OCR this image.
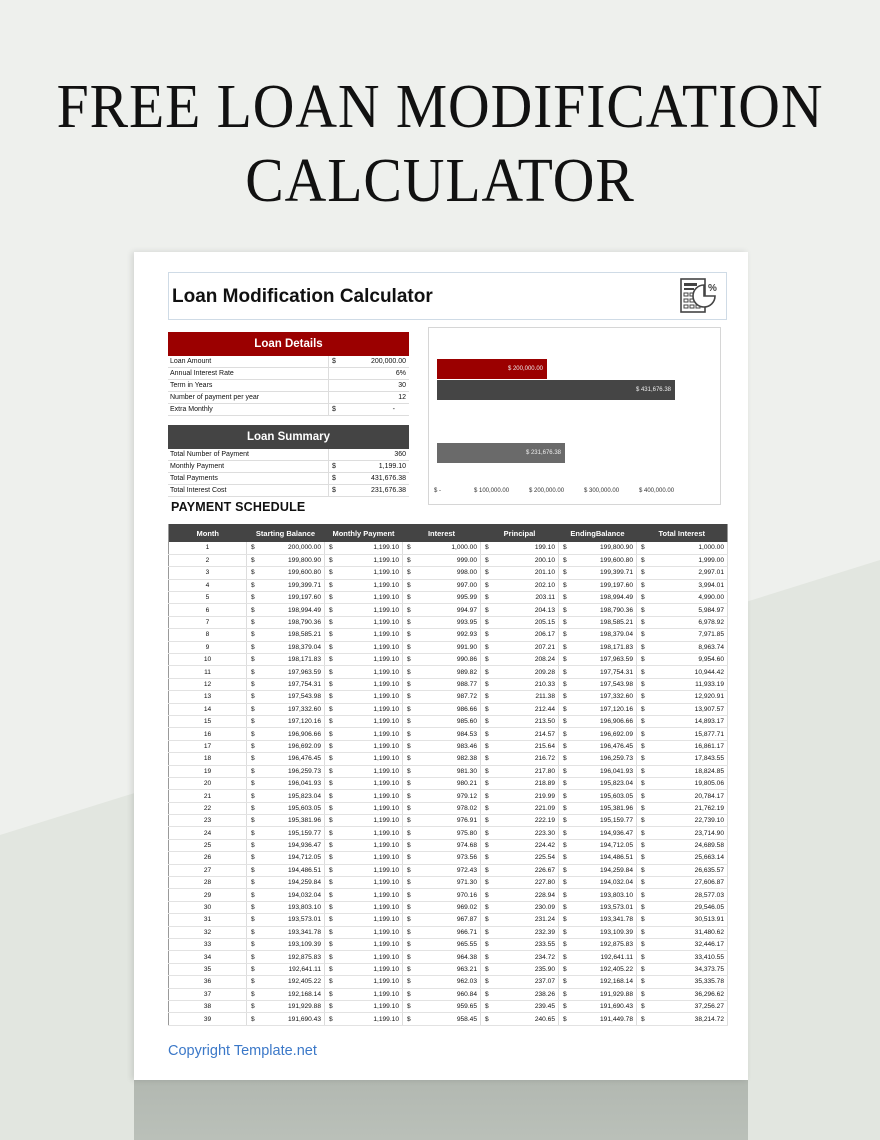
FREE LOAN MODIFICATION
CALCULATOR
Loan Modification Calculator	%
Loan Details
Loan Amount	$	200,000.00
Annual Interest Rate	6%
Term in Years	30
Number of payment per year	12
Extra Monthly	$	-
Loan Summary
Total Number of Payment	360
Monthly Payment	$	1,199.10
Total Payments	$	431,676.38
Total Interest Cost	$	231,676.38
$ 200,000.00
$ 431,676.38
$ 231,676.38
$ -	$ 100,000.00	$ 200,000.00	$ 300,000.00	$ 400,000.00
PAYMENT SCHEDULE
Month	Starting Balance		Monthly Payment		Interest		Principal		EndingBalance		Total Interest	
1	$	200,000.00	$	1,199.10	$	1,000.00	$	199.10	$	199,800.90	$	1,000.00
2	$	199,800.90	$	1,199.10	$	999.00	$	200.10	$	199,600.80	$	1,999.00
3	$	199,600.80	$	1,199.10	$	998.00	$	201.10	$	199,399.71	$	2,997.01
4	$	199,399.71	$	1,199.10	$	997.00	$	202.10	$	199,197.60	$	3,994.01
5	$	199,197.60	$	1,199.10	$	995.99	$	203.11	$	198,994.49	$	4,990.00
6	$	198,994.49	$	1,199.10	$	994.97	$	204.13	$	198,790.36	$	5,984.97
7	$	198,790.36	$	1,199.10	$	993.95	$	205.15	$	198,585.21	$	6,978.92
8	$	198,585.21	$	1,199.10	$	992.93	$	206.17	$	198,379.04	$	7,971.85
9	$	198,379.04	$	1,199.10	$	991.90	$	207.21	$	198,171.83	$	8,963.74
10	$	198,171.83	$	1,199.10	$	990.86	$	208.24	$	197,963.59	$	9,954.60
11	$	197,963.59	$	1,199.10	$	989.82	$	209.28	$	197,754.31	$	10,944.42
12	$	197,754.31	$	1,199.10	$	988.77	$	210.33	$	197,543.98	$	11,933.19
13	$	197,543.98	$	1,199.10	$	987.72	$	211.38	$	197,332.60	$	12,920.91
14	$	197,332.60	$	1,199.10	$	986.66	$	212.44	$	197,120.16	$	13,907.57
15	$	197,120.16	$	1,199.10	$	985.60	$	213.50	$	196,906.66	$	14,893.17
16	$	196,906.66	$	1,199.10	$	984.53	$	214.57	$	196,692.09	$	15,877.71
17	$	196,692.09	$	1,199.10	$	983.46	$	215.64	$	196,476.45	$	16,861.17
18	$	196,476.45	$	1,199.10	$	982.38	$	216.72	$	196,259.73	$	17,843.55
19	$	196,259.73	$	1,199.10	$	981.30	$	217.80	$	196,041.93	$	18,824.85
20	$	196,041.93	$	1,199.10	$	980.21	$	218.89	$	195,823.04	$	19,805.06
21	$	195,823.04	$	1,199.10	$	979.12	$	219.99	$	195,603.05	$	20,784.17
22	$	195,603.05	$	1,199.10	$	978.02	$	221.09	$	195,381.96	$	21,762.19
23	$	195,381.96	$	1,199.10	$	976.91	$	222.19	$	195,159.77	$	22,739.10
24	$	195,159.77	$	1,199.10	$	975.80	$	223.30	$	194,936.47	$	23,714.90
25	$	194,936.47	$	1,199.10	$	974.68	$	224.42	$	194,712.05	$	24,689.58
26	$	194,712.05	$	1,199.10	$	973.56	$	225.54	$	194,486.51	$	25,663.14
27	$	194,486.51	$	1,199.10	$	972.43	$	226.67	$	194,259.84	$	26,635.57
28	$	194,259.84	$	1,199.10	$	971.30	$	227.80	$	194,032.04	$	27,606.87
29	$	194,032.04	$	1,199.10	$	970.16	$	228.94	$	193,803.10	$	28,577.03
30	$	193,803.10	$	1,199.10	$	969.02	$	230.09	$	193,573.01	$	29,546.05
31	$	193,573.01	$	1,199.10	$	967.87	$	231.24	$	193,341.78	$	30,513.91
32	$	193,341.78	$	1,199.10	$	966.71	$	232.39	$	193,109.39	$	31,480.62
33	$	193,109.39	$	1,199.10	$	965.55	$	233.55	$	192,875.83	$	32,446.17
34	$	192,875.83	$	1,199.10	$	964.38	$	234.72	$	192,641.11	$	33,410.55
35	$	192,641.11	$	1,199.10	$	963.21	$	235.90	$	192,405.22	$	34,373.75
36	$	192,405.22	$	1,199.10	$	962.03	$	237.07	$	192,168.14	$	35,335.78
37	$	192,168.14	$	1,199.10	$	960.84	$	238.26	$	191,929.88	$	36,296.62
38	$	191,929.88	$	1,199.10	$	959.65	$	239.45	$	191,690.43	$	37,256.27
39	$	191,690.43	$	1,199.10	$	958.45	$	240.65	$	191,449.78	$	38,214.72
Copyright Template.net
